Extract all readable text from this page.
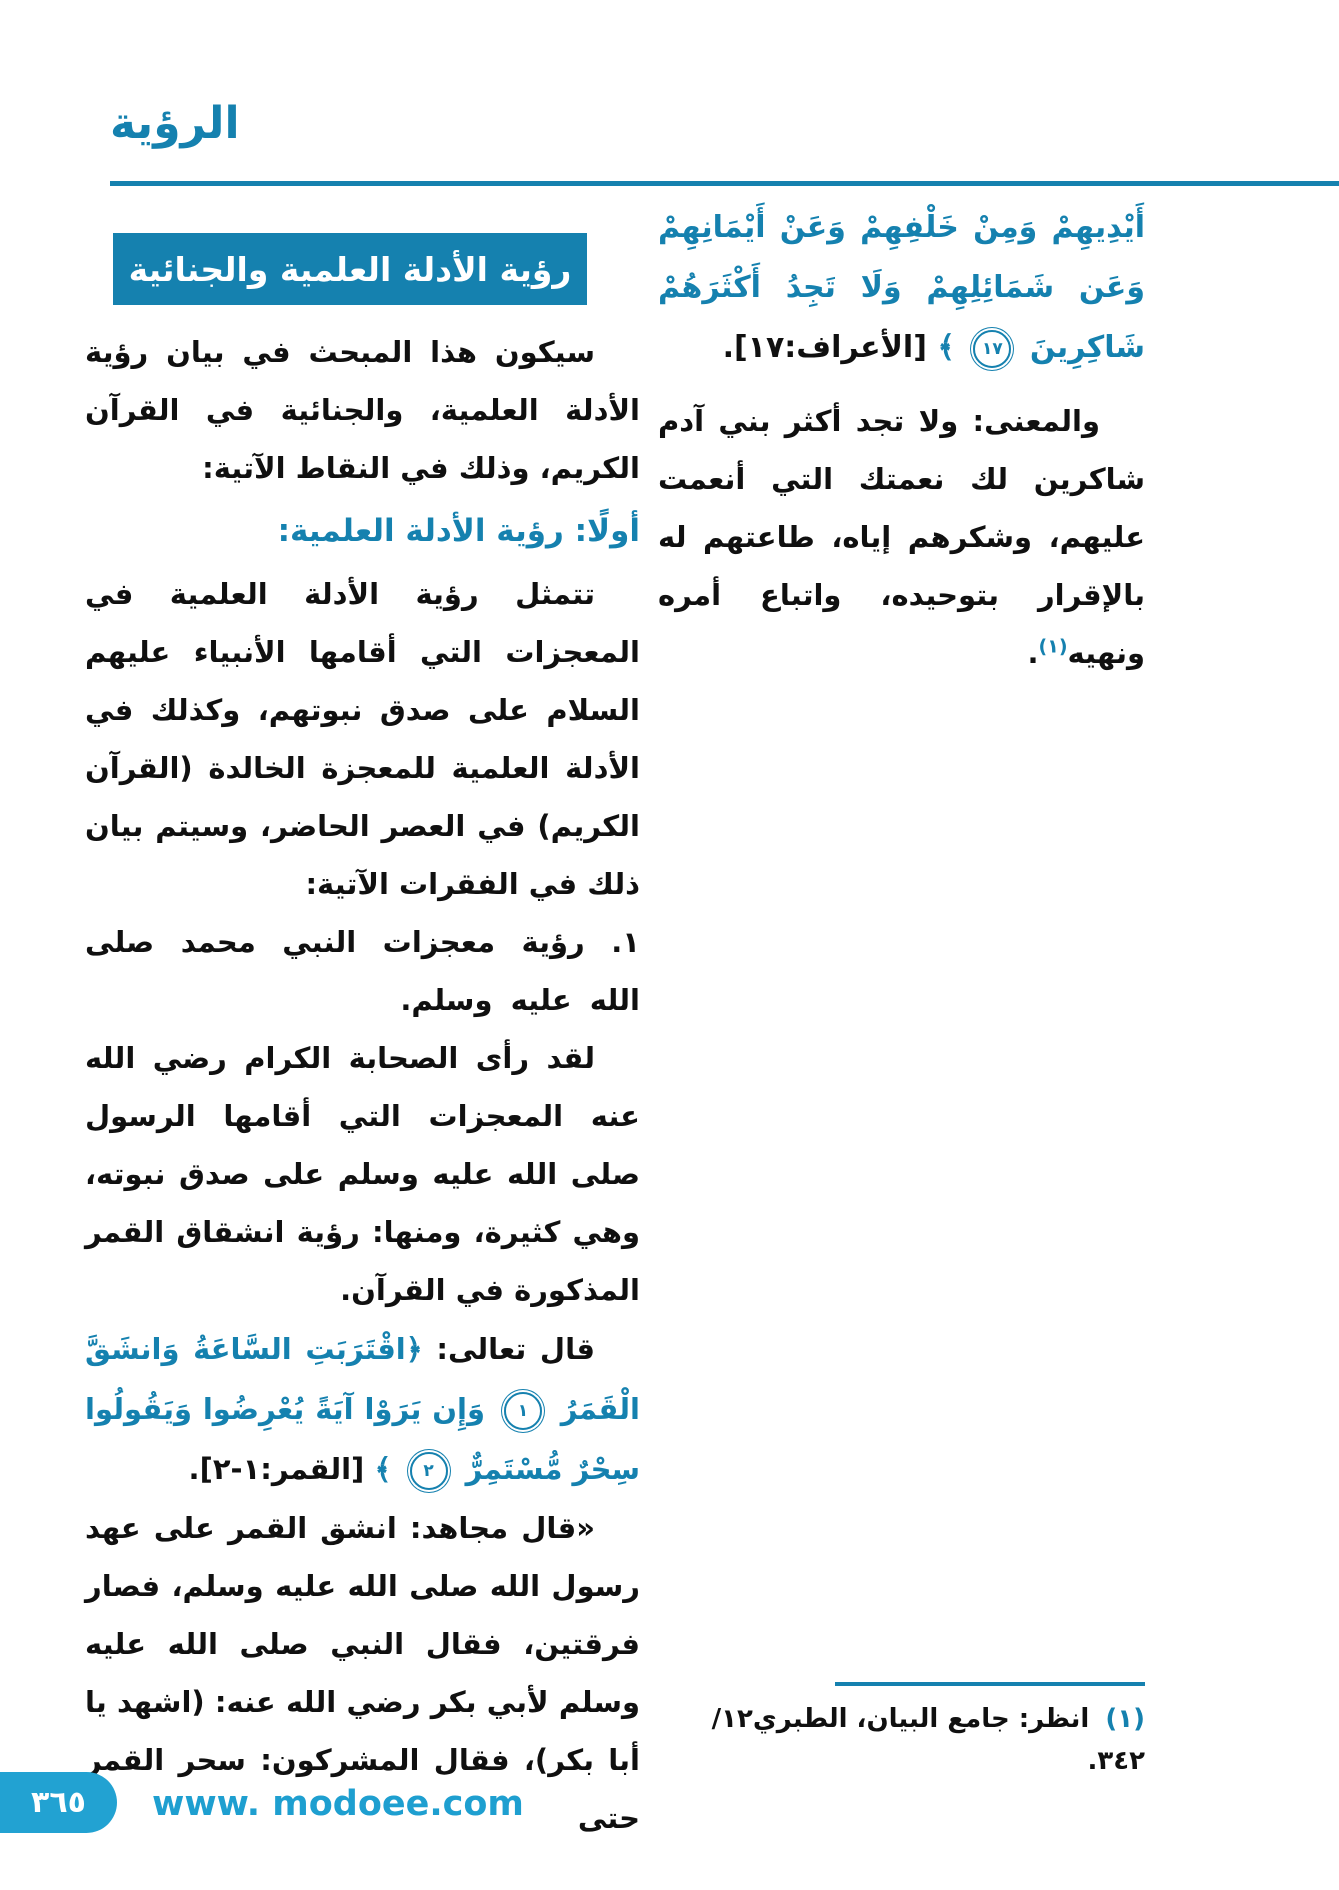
الرؤية

أَيْدِيهِمْ وَمِنْ خَلْفِهِمْ وَعَنْ أَيْمَانِهِمْ وَعَن شَمَائِلِهِمْ وَلَا تَجِدُ أَكْثَرَهُمْ شَاكِرِينَ ١٧ ﴾ [الأعراف:١٧].

والمعنى: ولا تجد أكثر بني آدم شاكرين لك نعمتك التي أنعمت عليهم، وشكرهم إياه، طاعتهم له بالإقرار بتوحيده، واتباع أمره ونهيه$^{(١)}$.

رؤية الأدلة العلمية والجنائية

سيكون هذا المبحث في بيان رؤية الأدلة العلمية، والجنائية في القرآن الكريم، وذلك في النقاط الآتية:

أولًا: رؤية الأدلة العلمية:

تتمثل رؤية الأدلة العلمية في المعجزات التي أقامها الأنبياء عليهم السلام على صدق نبوتهم، وكذلك في الأدلة العلمية للمعجزة الخالدة (القرآن الكريم) في العصر الحاضر، وسيتم بيان ذلك في الفقرات الآتية:

١. رؤية معجزات النبي محمد صلى الله عليه وسلم.

لقد رأى الصحابة الكرام رضي الله عنه المعجزات التي أقامها الرسول صلى الله عليه وسلم على صدق نبوته، وهي كثيرة، ومنها: رؤية انشقاق القمر المذكورة في القرآن.

قال تعالى: ﴿اقْتَرَبَتِ السَّاعَةُ وَانشَقَّ الْقَمَرُ ١ وَإِن يَرَوْا آيَةً يُعْرِضُوا وَيَقُولُوا سِحْرٌ مُّسْتَمِرٌّ ٢ ﴾ [القمر:١-٢].

«قال مجاهد: انشق القمر على عهد رسول الله صلى الله عليه وسلم، فصار فرقتين، فقال النبي صلى الله عليه وسلم لأبي بكر رضي الله عنه: (اشهد يا أبا بكر)، فقال المشركون: سحر القمر حتى

(١)انظر: جامع البيان، الطبري١٢/ ٣٤٢.

٣٦٥ www. modoee.com
